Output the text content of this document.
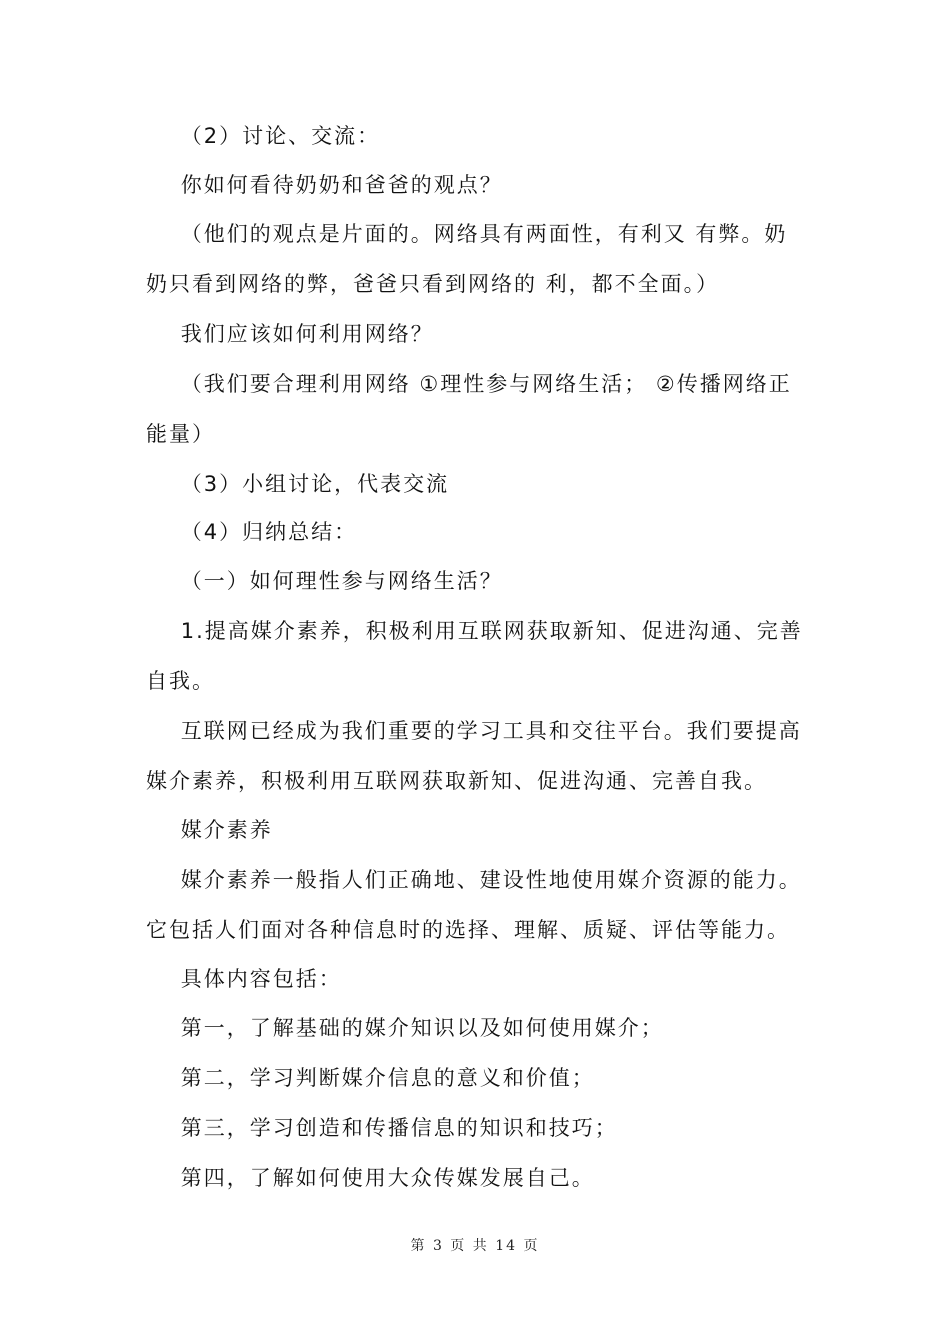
（2）讨论、交流：

你如何看待奶奶和爸爸的观点？

（他们的观点是片面的。网络具有两面性，有利又 有弊。奶奶只看到网络的弊，爸爸只看到网络的 利，都不全面。）

我们应该如何利用网络？

（我们要合理利用网络 ①理性参与网络生活； ②传播网络正能量）

（3）小组讨论，代表交流

（4）归纳总结：

（一）如何理性参与网络生活？

1.提高媒介素养，积极利用互联网获取新知、促进沟通、完善自我。

互联网已经成为我们重要的学习工具和交往平台。我们要提高媒介素养，积极利用互联网获取新知、促进沟通、完善自我。

媒介素养

媒介素养一般指人们正确地、建设性地使用媒介资源的能力。它包括人们面对各种信息时的选择、理解、质疑、评估等能力。

具体内容包括：

第一，了解基础的媒介知识以及如何使用媒介；

第二，学习判断媒介信息的意义和价值；

第三，学习创造和传播信息的知识和技巧；

第四，了解如何使用大众传媒发展自己。

第 3 页 共 14 页
